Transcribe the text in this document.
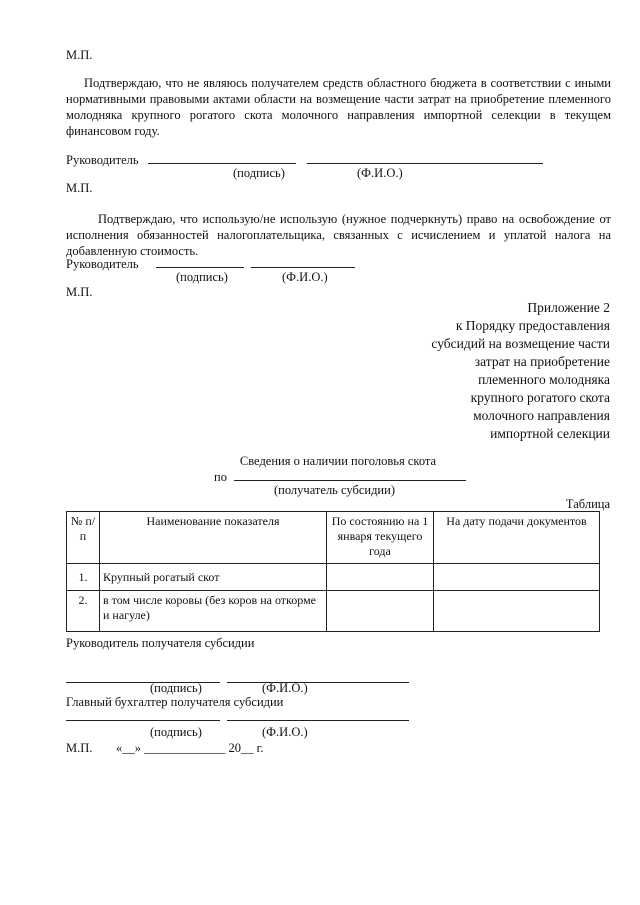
М.П.
Подтверждаю, что не являюсь получателем средств областного бюджета в соответствии с иными нормативными правовыми актами области на возмещение части затрат на приобретение племенного молодняка крупного рогатого скота молочного направления импортной селекции в текущем финансовом году.
Руководитель
(подпись)	(Ф.И.О.)
М.П.
Подтверждаю, что использую/не использую (нужное подчеркнуть) право на освобождение от исполнения обязанностей налогоплательщика, связанных с исчислением и уплатой налога на добавленную стоимость.
Руководитель
(подпись)	(Ф.И.О.)
М.П.
Приложение 2
к Порядку предоставления
субсидий на возмещение части
затрат на приобретение
племенного молодняка
крупного рогатого скота
молочного направления
импортной селекции
Сведения о наличии поголовья скота
по
(получатель субсидии)
Таблица
№ п/п	Наименование показателя	По состоянию на 1 января текущего года	На дату подачи документов
1.	Крупный рогатый скот		
2.	в том числе коровы (без коров на откорме и нагуле)		
Руководитель получателя субсидии

(подпись)	(Ф.И.О.)
Главный бухгалтер получателя субсидии

(подпись)	(Ф.И.О.)
М.П. «__» _____________ 20__ г.
